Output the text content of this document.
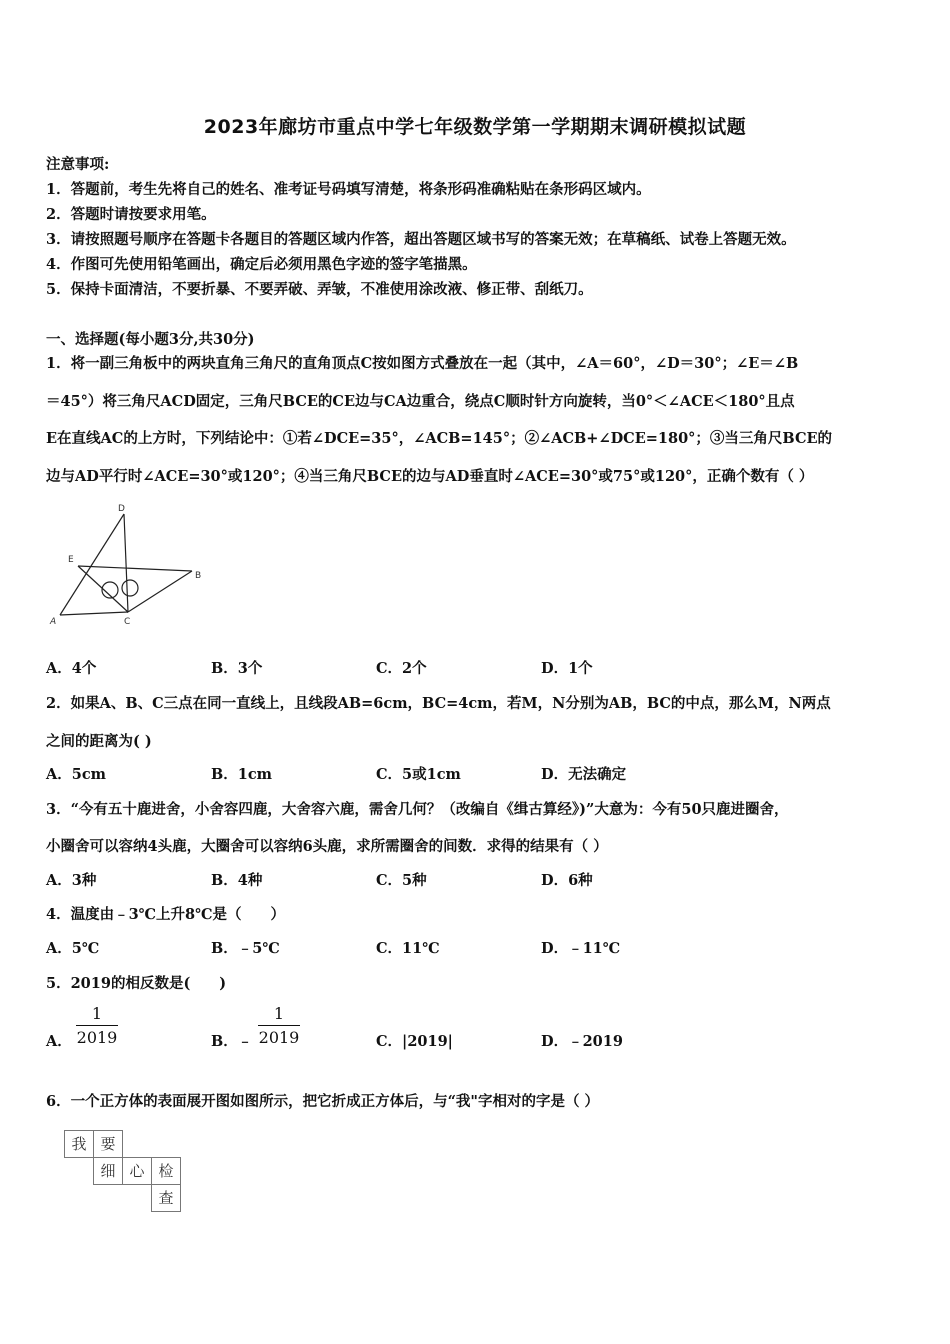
2023年廊坊市重点中学七年级数学第一学期期末调研模拟试题
注意事项:
1．答题前，考生先将自己的姓名、准考证号码填写清楚，将条形码准确粘贴在条形码区域内。
2．答题时请按要求用笔。
3．请按照题号顺序在答题卡各题目的答题区域内作答，超出答题区域书写的答案无效；在草稿纸、试卷上答题无效。
4．作图可先使用铅笔画出，确定后必须用黑色字迹的签字笔描黑。
5．保持卡面清洁，不要折暴、不要弄破、弄皱，不准使用涂改液、修正带、刮纸刀。
一、选择题(每小题3分,共30分)
1．将一副三角板中的两块直角三角尺的直角顶点C按如图方式叠放在一起（其中，∠A＝60°，∠D＝30°；∠E＝∠B
＝45°）将三角尺ACD固定，三角尺BCE的CE边与CA边重合，绕点C顺时针方向旋转，当0°＜∠ACE＜180°且点
E在直线AC的上方时，下列结论中：①若∠DCE=35°，∠ACB=145°；②∠ACB+∠DCE=180°；③当三角尺BCE的
边与AD平行时∠ACE=30°或120°；④当三角尺BCE的边与AD垂直时∠ACE=30°或75°或120°，正确个数有（ ）
D
E
B
A	C
A．4个	B．3个	C．2个	D．1个
2．如果A、B、C三点在同一直线上，且线段AB=6cm，BC=4cm，若M，N分别为AB，BC的中点，那么M，N两点
之间的距离为( )
A．5cm	B．1cm	C．5或1cm	D．无法确定
3．“今有五十鹿进舍，小舍容四鹿，大舍容六鹿，需舍几何？（改编自《缉古算经》)”大意为：今有50只鹿进圈舍，
小圈舍可以容纳4头鹿，大圈舍可以容纳6头鹿，求所需圈舍的间数．求得的结果有（ ）
A．3种	B．4种	C．5种	D．6种
4．温度由﹣3℃上升8℃是（　　）
A．5℃	B．﹣5℃	C．11℃	D．﹣11℃
5．2019的相反数是(　　)
A．
1
2019	B．﹣
1
2019	C．|2019|	D．﹣2019
6．一个正方体的表面展开图如图所示，把它折成正方体后，与“我"字相对的字是（ ）
我 要
细 心 检
查
